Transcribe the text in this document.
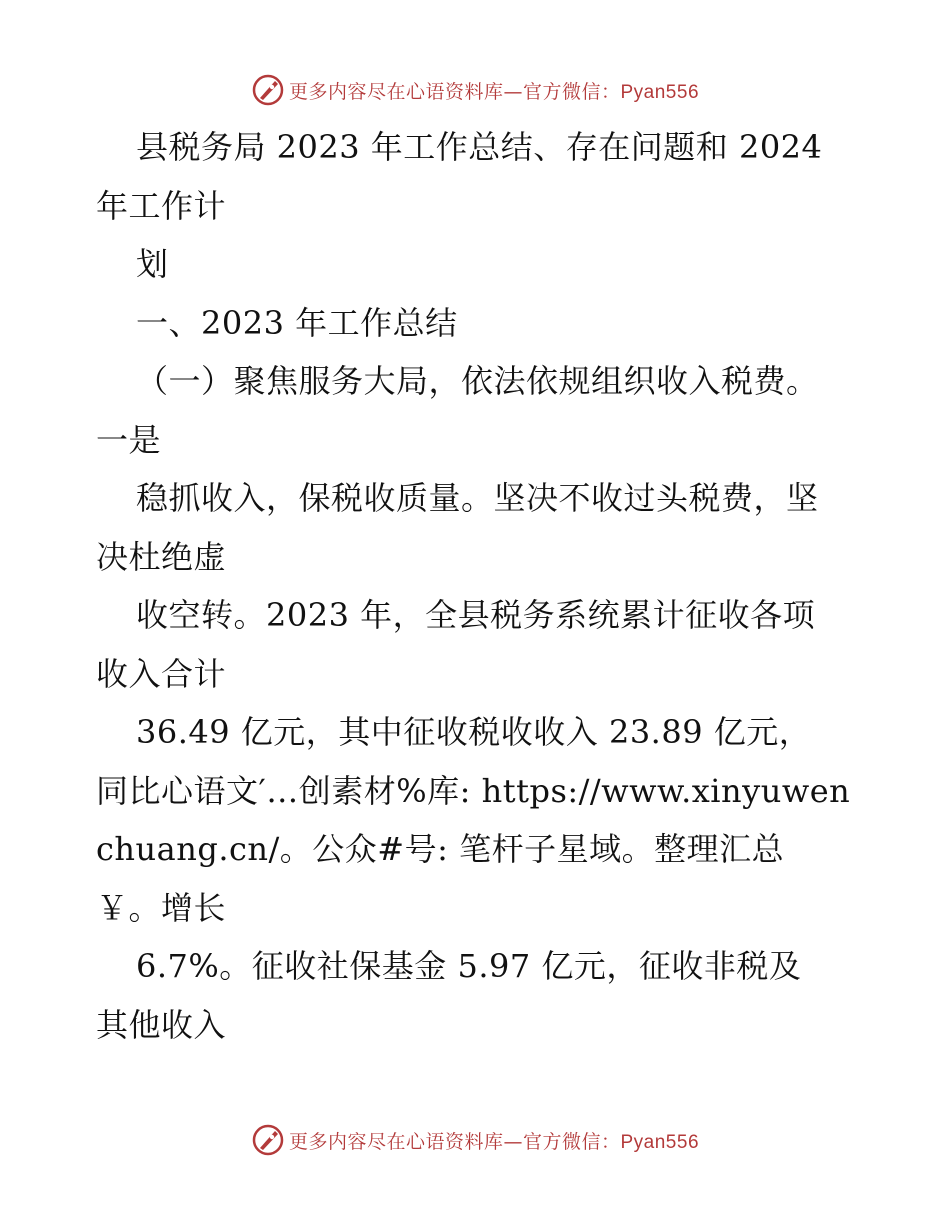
更多内容尽在心语资料库—官方微信：Pyan556
县税务局 2023 年工作总结、存在问题和 2024
年工作计
划
一、2023 年工作总结
（一）聚焦服务大局，依法依规组织收入税费。
一是
稳抓收入，保税收质量。坚决不收过头税费，坚
决杜绝虚
收空转。2023 年，全县税务系统累计征收各项
收入合计
36.49 亿元，其中征收税收收入 23.89 亿元，
同比心语文′…创素材%库: https://www.xinyuwen
chuang.cn/。公众#号: 笔杆子星域。整理汇总
￥。增长
6.7%。征收社保基金 5.97 亿元，征收非税及
其他收入
更多内容尽在心语资料库—官方微信：Pyan556
